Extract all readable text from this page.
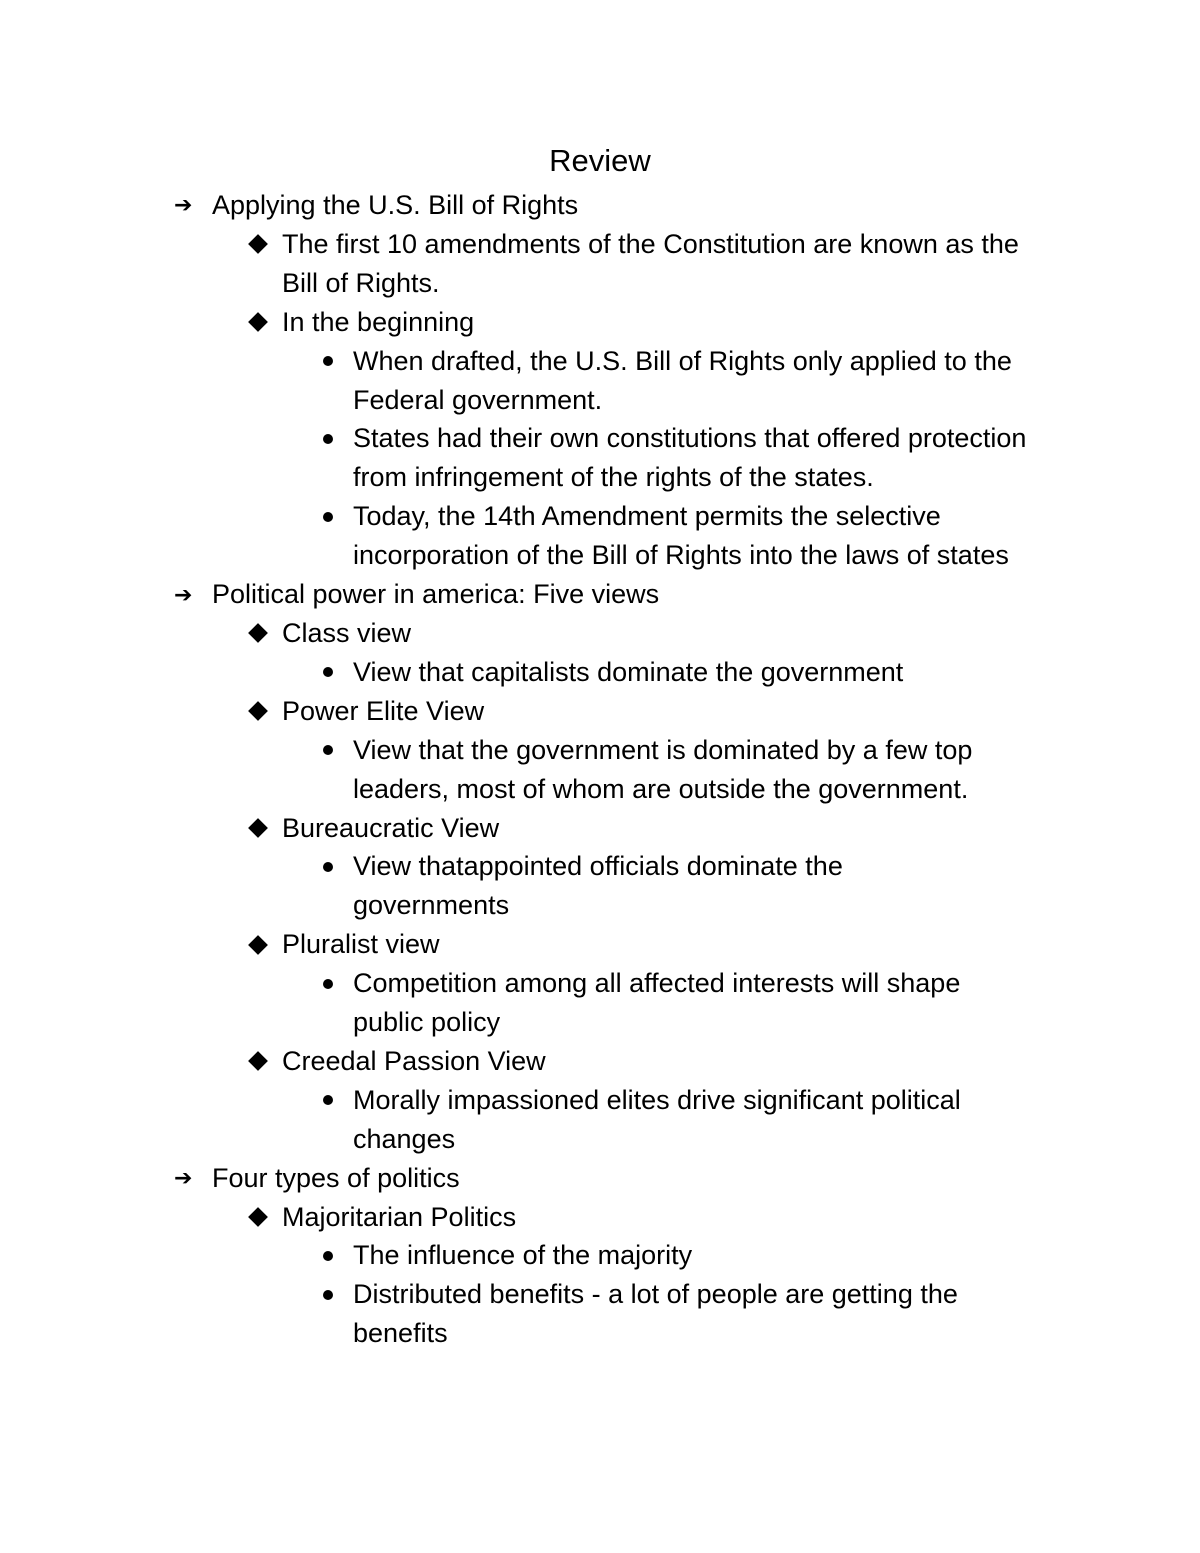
Review
➔ Applying the U.S. Bill of Rights
The first 10 amendments of the Constitution are known as the Bill of Rights.
In the beginning
When drafted, the U.S. Bill of Rights only applied to the Federal government.
States had their own constitutions that offered protection from infringement of the rights of the states.
Today, the 14th Amendment permits the selective incorporation of the Bill of Rights into the laws of states
➔ Political power in america: Five views
Class view
View that capitalists dominate the government
Power Elite View
View that the government is dominated by a few top leaders, most of whom are outside the government.
Bureaucratic View
View thatappointed officials dominate the governments
Pluralist view
Competition among all affected interests will shape public policy
Creedal Passion View
Morally impassioned elites drive significant political changes
➔ Four types of politics
Majoritarian Politics
The influence of the majority
Distributed benefits - a lot of people are getting the benefits
